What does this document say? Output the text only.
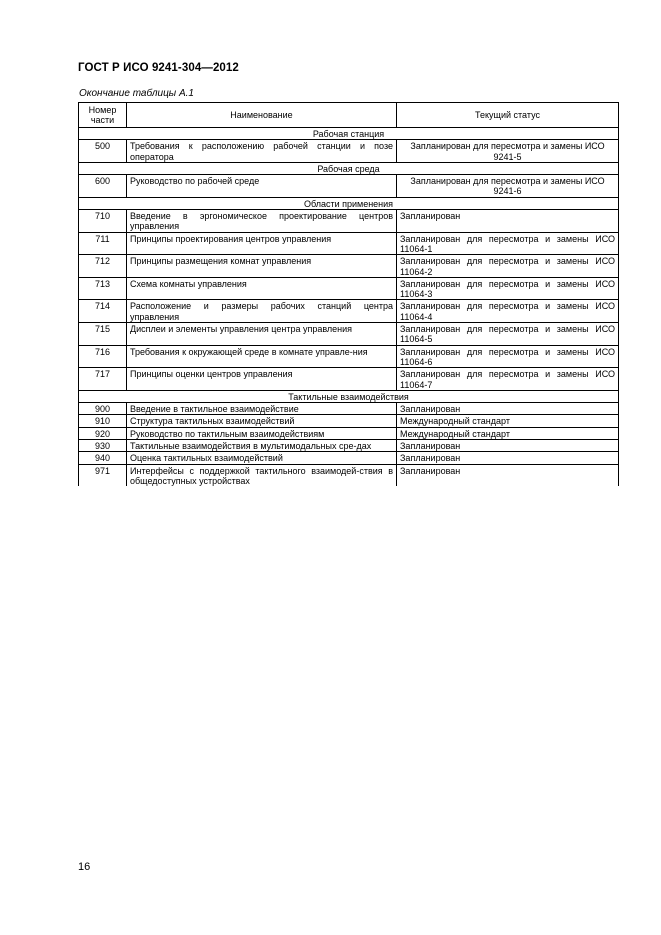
ГОСТ Р ИСО 9241-304—2012
Окончание таблицы А.1
Номер части	Наименование	Текущий статус
Рабочая станция		
500	Требования к расположению рабочей станции и позе оператора	Запланирован для пересмотра и замены ИСО 9241-5
Рабочая среда		
600	Руководство по рабочей среде	Запланирован для пересмотра и замены ИСО 9241-6
Области применения		
710	Введение в эргономическое проектирование центров управления	Запланирован
711	Принципы проектирования центров управления	Запланирован для пересмотра и замены ИСО 11064-1
712	Принципы размещения комнат управления	Запланирован для пересмотра и замены ИСО 11064-2
713	Схема комнаты управления	Запланирован для пересмотра и замены ИСО 11064-3
714	Расположение и размеры рабочих станций центра управления	Запланирован для пересмотра и замены ИСО 11064-4
715	Дисплеи и элементы управления центра управления	Запланирован для пересмотра и замены ИСО 11064-5
716	Требования к окружающей среде в комнате управле-ния	Запланирован для пересмотра и замены ИСО 11064-6
717	Принципы оценки центров управления	Запланирован для пересмотра и замены ИСО 11064-7
Тактильные взаимодействия		
900	Введение в тактильное взаимодействие	Запланирован
910	Структура тактильных взаимодействий	Международный стандарт
920	Руководство по тактильным взаимодействиям	Международный стандарт
930	Тактильные взаимодействия в мультимодальных сре-дах	Запланирован
940	Оценка тактильных взаимодействий	Запланирован
971	Интерфейсы с поддержкой тактильного взаимодей-ствия в общедоступных устройствах	Запланирован
16
